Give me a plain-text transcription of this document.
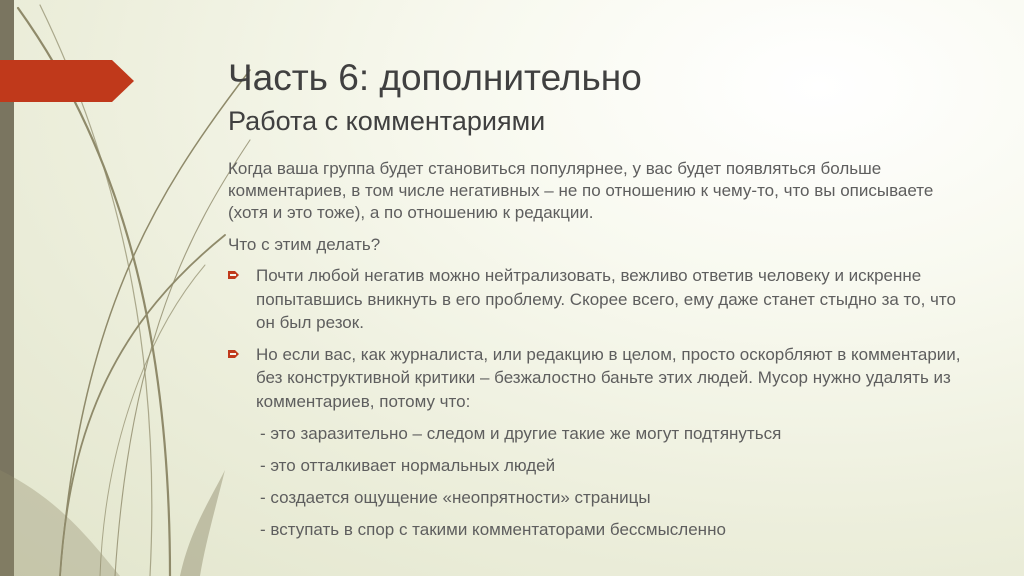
Часть 6: дополнительно
Работа с комментариями

Когда ваша группа будет становиться популярнее, у вас будет появляться больше комментариев, в том числе негативных – не по отношению к чему-то, что вы описываете (хотя и это тоже), а по отношению к редакции.

Что с этим делать?

Почти любой негатив можно нейтрализовать, вежливо ответив человеку и искренне попытавшись вникнуть в его проблему. Скорее всего, ему даже станет стыдно за то, что он был резок.

Но если вас, как журналиста, или редакцию в целом, просто оскорбляют в комментарии, без конструктивной критики – безжалостно баньте этих людей. Мусор нужно удалять из комментариев, потому что:

- это заразительно – следом и другие такие же могут подтянуться

- это отталкивает нормальных людей

- создается ощущение «неопрятности» страницы

- вступать в спор с такими комментаторами бессмысленно
